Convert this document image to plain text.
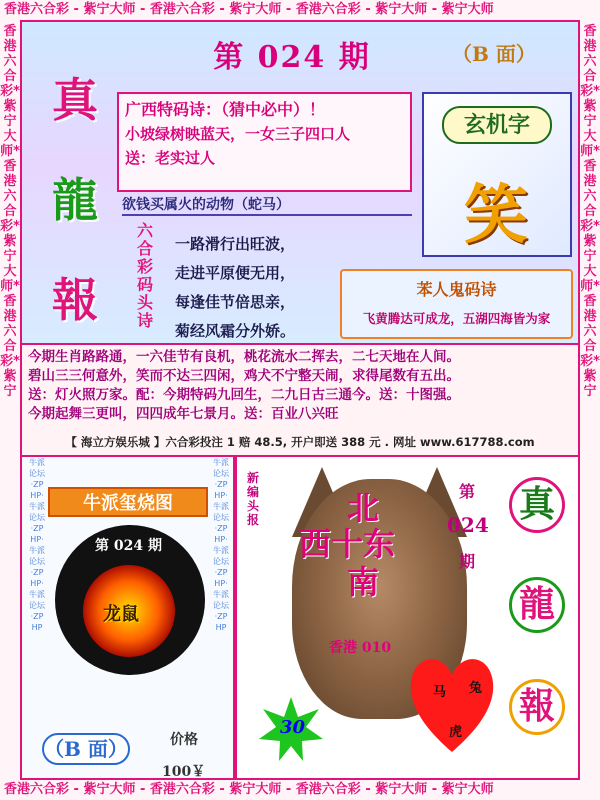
香港六合彩 - 紫宁大师 - 香港六合彩 - 紫宁大师 - 香港六合彩 - 紫宁大师 - 紫宁大师
香港六合彩 - 紫宁大师 - 香港六合彩 - 紫宁大师 - 香港六合彩 - 紫宁大师 - 紫宁大师
香港六合彩*紫宁大师*香港六合彩*紫宁大师*香港六合彩*紫宁
香港六合彩*紫宁大师*香港六合彩*紫宁大师*香港六合彩*紫宁
第 024 期	（B 面）
真
龍
報
广西特码诗：（猜中必中）！
小坡绿树映蓝天，一女三子四口人
送：老实过人
欲钱买属火的动物（蛇马）
玄机字
笑
六合彩码头诗
一路滑行出旺波，
走进平原便无用，
每逢佳节倍思亲，
菊经风霜分外娇。
苯人鬼码诗
飞黄腾达可成龙，五湖四海皆为家
今期生肖路路通，一六佳节有良机，桃花流水二挥去，二七天地在人间。
碧山三三何意外，笑而不达三四闲，鸡犬不宁整天闹，求得尾数有五出。
送：灯火照万家。配：今期特码九回生，二九日古三通今。送：十图强。
今期起舞三更叫，四四成年七景月。送：百业八兴旺
【 海立方娱乐城 】六合彩投注 1 赔 48.5, 开户即送 388 元 . 网址 www.617788.com
牛派论坛·ZPHP·牛派论坛·ZPHP·牛派论坛·ZPHP·牛派论坛·ZPHP
牛派论坛·ZPHP·牛派论坛·ZPHP·牛派论坛·ZPHP·牛派论坛·ZPHP
牛派玺烧图
第 024 期
龙鼠
（B 面）	价格
100￥
新编头报	北
西十东
南
香港 010
第
024
期
真
龍
報
马 兔
虎
30
